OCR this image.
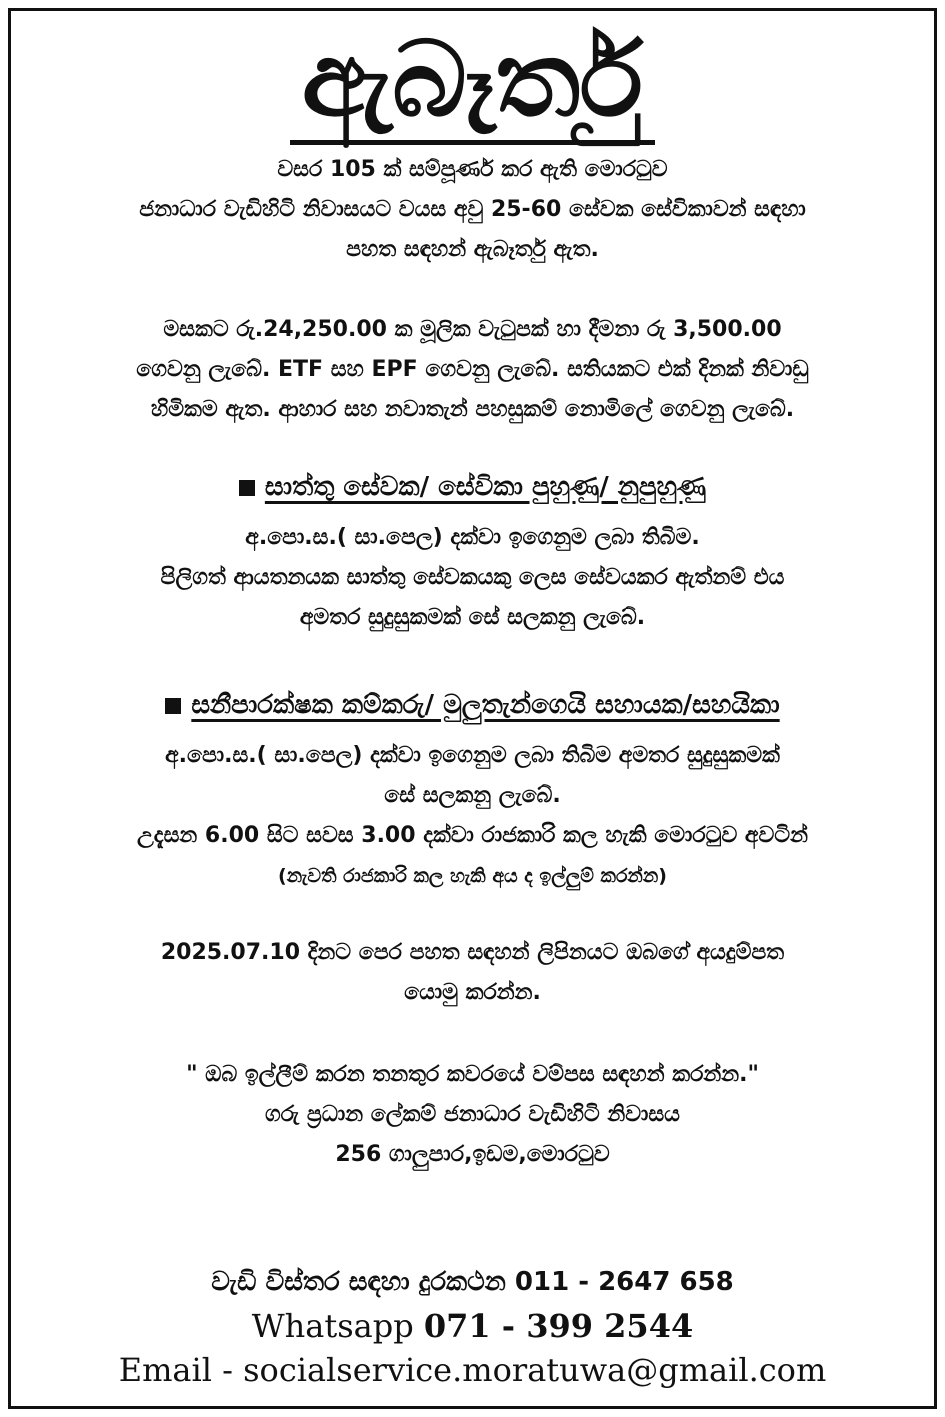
ඇබෑර්තු
වසර 105 ක් සම්පූර්ණ කර ඇති මොරටුව
ජනාධාර වැඩිහිටි නිවාසයට වයස අවු 25-60 සේවක සේවිකාවන් සඳහා
පහත සඳහන් ඇබෑර්තු ඇත.
මසකට රු.24,250.00 ක මූලික වැටුපක් හා දීමනා රු 3,500.00
ගෙවනු ලැබේ. ETF සහ EPF ගෙවනු ලැබේ. සතියකට එක් දිනක් නිවාඩු
හිමිකම ඇත. ආහාර සහ නවාතැන් පහසුකම් නොමිලේ ගෙවනු ලැබේ.
සාත්තු සේවක/ සේවිකා පුහුණු/ නුපුහුණු
අ.පො.ස.( සා.පෙල) දක්වා ඉගෙනුම ලබා තිබිම.
පිලිගත් ආයතනයක සාත්තු සේවකයකු ලෙස සේවයකර ඇත්නම් එය
අමතර සුදුසුකමක් සේ සලකනු ලැබේ.
සනීපාරක්ෂක කම්කරු/ මුලුතැන්ගෙයි සහායක/සහයිකා
අ.පො.ස.( සා.පෙල) දක්වා ඉගෙනුම ලබා තිබිම අමතර සුදුසුකමක්
සේ සලකනු ලැබේ.
උදැසන 6.00 සිට සවස 3.00 දක්වා රාජකාරි කල හැකි මොරටුව අවටින්
(නැවති රාජකාරි කල හැකි අය ද ඉල්ලුම් කරන්න)
2025.07.10 දිනට පෙර පහත සඳහන් ලිපිනයට ඔබගේ අයදුම්පත
යොමු කරන්න.
" ඔබ ඉල්ලීම් කරන තනතුර කවරයේ වම්පස සඳහන් කරන්න."
ගරු ප්‍රධාන ලේකම් ජනාධාර වැඩිහිටි නිවාසය
256 ගාලුපාර,ඉඩම,මොරටුව
වැඩි විස්තර සඳහා දුරකථන 011 - 2647 658
Whatsapp 071 - 399 2544
Email - socialservice.moratuwa@gmail.com
